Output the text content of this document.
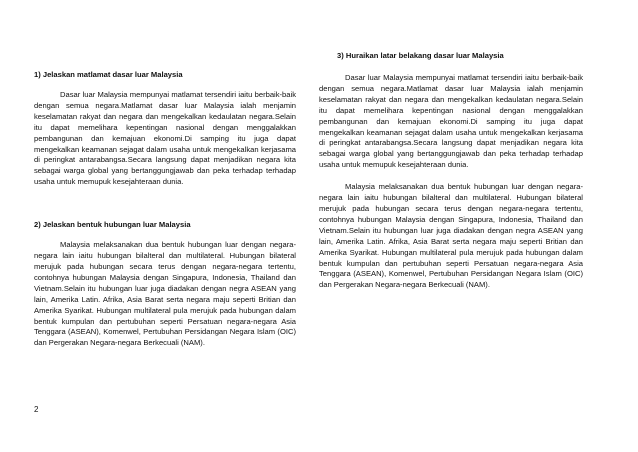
1) Jelaskan matlamat dasar luar Malaysia

Dasar luar Malaysia mempunyai matlamat tersendiri iaitu berbaik-baik dengan semua negara.Matlamat dasar luar Malaysia ialah menjamin keselamatan rakyat dan negara dan mengekalkan kedaulatan negara.Selain itu dapat memelihara kepentingan nasional dengan menggalakkan pembangunan dan kemajuan ekonomi.Di samping itu juga dapat mengekalkan keamanan sejagat dalam usaha untuk mengekalkan kerjasama di peringkat antarabangsa.Secara langsung dapat menjadikan negara kita sebagai warga global yang bertanggungjawab dan peka terhadap terhadap usaha untuk memupuk kesejahteraan dunia.

2) Jelaskan bentuk hubungan luar Malaysia

Malaysia melaksanakan dua bentuk hubungan luar dengan negara-negara lain iaitu hubungan bilalteral dan multilateral. Hubungan bilateral merujuk pada hubungan secara terus dengan negara-negara tertentu, contohnya hubungan Malaysia dengan Singapura, Indonesia, Thailand dan Vietnam.Selain itu hubungan luar juga diadakan dengan negra ASEAN yang lain, Amerika Latin. Afrika, Asia Barat serta negara maju seperti Britian dan Amerika Syarikat. Hubungan multilateral pula merujuk pada hubungan dalam bentuk kumpulan dan pertubuhan seperti Persatuan negara-negara Asia Tenggara (ASEAN), Komenwel, Pertubuhan Persidangan Negara Islam (OIC) dan Pergerakan Negara-negara Berkecuali (NAM).

3) Huraikan latar belakang dasar luar Malaysia

Dasar luar Malaysia mempunyai matlamat tersendiri iaitu berbaik-baik dengan semua negara.Matlamat dasar luar Malaysia ialah menjamin keselamatan rakyat dan negara dan mengekalkan kedaulatan negara.Selain itu dapat memelihara kepentingan nasional dengan menggalakkan pembangunan dan kemajuan ekonomi.Di samping itu juga dapat mengekalkan keamanan sejagat dalam usaha untuk mengekalkan kerjasama di peringkat antarabangsa.Secara langsung dapat menjadikan negara kita sebagai warga global yang bertanggungjawab dan peka terhadap terhadap usaha untuk memupuk kesejahteraan dunia.

Malaysia melaksanakan dua bentuk hubungan luar dengan negara-negara lain iaitu hubungan bilalteral dan multilateral. Hubungan bilateral merujuk pada hubungan secara terus dengan negara-negara tertentu, contohnya hubungan Malaysia dengan Singapura, Indonesia, Thailand dan Vietnam.Selain itu hubungan luar juga diadakan dengan negra ASEAN yang lain, Amerika Latin. Afrika, Asia Barat serta negara maju seperti Britian dan Amerika Syarikat. Hubungan multilateral pula merujuk pada hubungan dalam bentuk kumpulan dan pertubuhan seperti Persatuan negara-negara Asia Tenggara (ASEAN), Komenwel, Pertubuhan Persidangan Negara Islam (OIC) dan Pergerakan Negara-negara Berkecuali (NAM).

2
